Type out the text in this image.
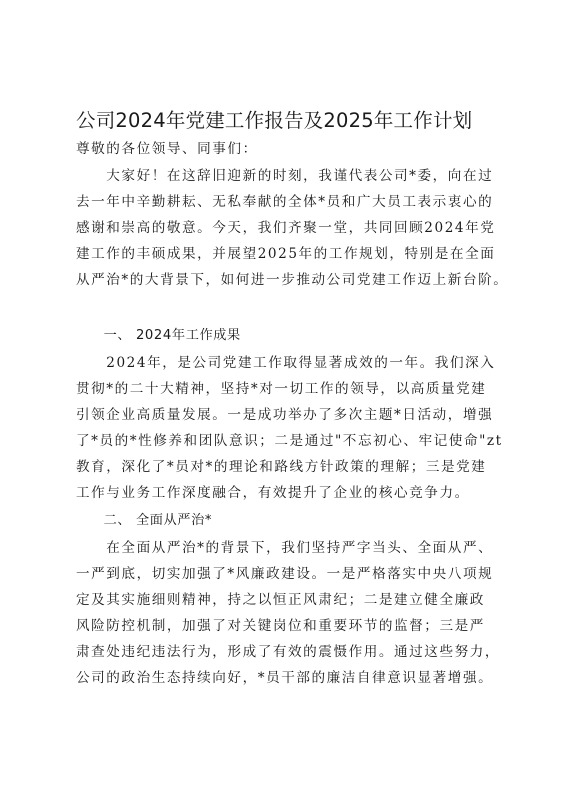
公司2024年党建工作报告及2025年工作计划
尊敬的各位领导、同事们：
　　大家好！在这辞旧迎新的时刻，我谨代表公司*委，向在过
去一年中辛勤耕耘、无私奉献的全体*员和广大员工表示衷心的
感谢和崇高的敬意。今天，我们齐聚一堂，共同回顾2024年党
建工作的丰硕成果，并展望2025年的工作规划，特别是在全面
从严治*的大背景下，如何进一步推动公司党建工作迈上新台阶。
　　一、 2024年工作成果
　　2024年，是公司党建工作取得显著成效的一年。我们深入
贯彻*的二十大精神，坚持*对一切工作的领导，以高质量党建
引领企业高质量发展。一是成功举办了多次主题*日活动，增强
了*员的*性修养和团队意识；二是通过"不忘初心、牢记使命"zt
教育，深化了*员对*的理论和路线方针政策的理解；三是党建
工作与业务工作深度融合，有效提升了企业的核心竞争力。
　　二、 全面从严治*
　　在全面从严治*的背景下，我们坚持严字当头、全面从严、
一严到底，切实加强了*风廉政建设。一是严格落实中央八项规
定及其实施细则精神，持之以恒正风肃纪；二是建立健全廉政
风险防控机制，加强了对关键岗位和重要环节的监督；三是严
肃查处违纪违法行为，形成了有效的震慑作用。通过这些努力，
公司的政治生态持续向好，*员干部的廉洁自律意识显著增强。
